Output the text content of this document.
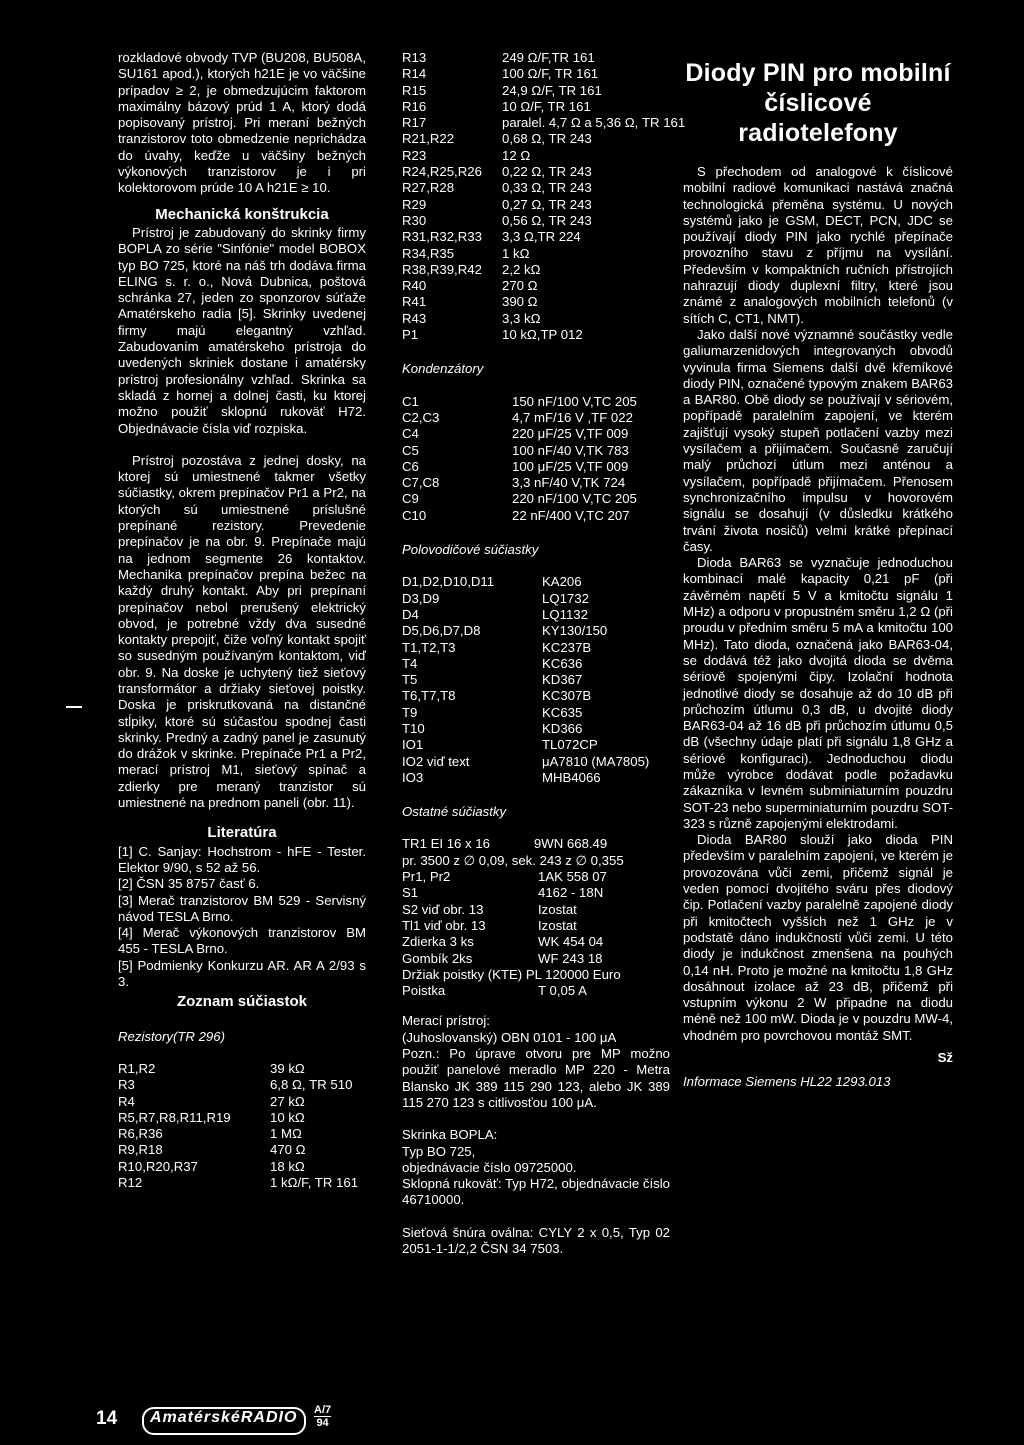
rozkladové obvody TVP (BU208, BU508A, SU161 apod.), ktorých h21E je vo väčšine prípadov ≥ 2, je obmedzujúcim faktorom maximálny bázový prúd 1 A, ktorý dodá popisovaný prístroj. Pri meraní bežných tranzistorov toto obmedzenie neprichádza do úvahy, keďže u väčšiny bežných výkonových tranzistorov je i pri kolektorovom prúde 10 A h21E ≥ 10.
Mechanická konštrukcia
Prístroj je zabudovaný do skrinky firmy BOPLA zo série "Sinfónie" model BOBOX typ BO 725, ktoré na náš trh dodáva firma ELING s. r. o., Nová Dubnica, poštová schránka 27, jeden zo sponzorov súťaže Amatérskeho radia [5]. Skrinky uvedenej firmy majú elegantný vzhľad. Zabudovaním amatérskeho prístroja do uvedených skriniek dostane i amatérsky prístroj profesionálny vzhľad. Skrinka sa skladá z hornej a dolnej časti, ku ktorej možno použiť sklopnú rukoväť H72. Objednávacie čísla viď rozpiska.
Prístroj pozostáva z jednej dosky, na ktorej sú umiestnené takmer všetky súčiastky, okrem prepínačov Pr1 a Pr2, na ktorých sú umiestnené príslušné prepínané rezistory. Prevedenie prepínačov je na obr. 9. Prepínače majú na jednom segmente 26 kontaktov. Mechanika prepínačov prepína bežec na každý druhý kontakt. Aby pri prepínaní prepínačov nebol prerušený elektrický obvod, je potrebné vždy dva susedné kontakty prepojiť, čiže voľný kontakt spojiť so susedným používaným kontaktom, viď obr. 9. Na doske je uchytený tiež sieťový transformátor a držiaky sieťovej poistky. Doska je priskrutkovaná na distančné stĺpiky, ktoré sú súčasťou spodnej časti skrinky. Predný a zadný panel je zasunutý do drážok v skrinke. Prepínače Pr1 a Pr2, merací prístroj M1, sieťový spínač a zdierky pre meraný tranzistor sú umiestnené na prednom paneli (obr. 11).
Literatúra
[1] C. Sanjay: Hochstrom - hFE - Tester. Elektor 9/90, s 52 až 56.
[2] ČSN 35 8757 časť 6.
[3] Merač tranzistorov BM 529 - Servisný návod TESLA Brno.
[4] Merač výkonových tranzistorov BM 455 - TESLA Brno.
[5] Podmienky Konkurzu AR. AR A 2/93 s 3.
Zoznam súčiastok
Rezistory(TR 296)
R1,R2	39 kΩ
R3	6,8 Ω, TR 510
R4	27 kΩ
R5,R7,R8,R11,R19	10 kΩ
R6,R36	1 MΩ
R9,R18	470 Ω
R10,R20,R37	18 kΩ
R12	1 kΩ/F, TR 161
R13	249 Ω/F,TR 161
R14	100 Ω/F, TR 161
R15	24,9 Ω/F, TR 161
R16	10 Ω/F, TR 161
R17	paralel. 4,7 Ω a 5,36 Ω, TR 161
R21,R22	0,68 Ω, TR 243
R23	12 Ω
R24,R25,R26 0,22 Ω, TR 243
R27,R28	0,33 Ω, TR 243
R29	0,27 Ω, TR 243
R30	0,56 Ω, TR 243
R31,R32,R33 3,3 Ω,TR 224
R34,R35	1 kΩ
R38,R39,R42 2,2 kΩ
R40	270 Ω
R41	390 Ω
R43	3,3 kΩ
P1	10 kΩ,TP 012
Kondenzátory
C1	150 nF/100 V,TC 205
C2,C3	4,7 mF/16 V ,TF 022
C4	220 μF/25 V,TF 009
C5	100 nF/40 V,TK 783
C6	100 μF/25 V,TF 009
C7,C8	3,3 nF/40 V,TK 724
C9	220 nF/100 V,TC 205
C10	22 nF/400 V,TC 207
Polovodičové súčiastky
D1,D2,D10,D11	KA206
D3,D9	LQ1732
D4	LQ1132
D5,D6,D7,D8	KY130/150
T1,T2,T3	KC237B
T4	KC636
T5	KD367
T6,T7,T8	KC307B
T9	KC635
T10	KD366
IO1	TL072CP
IO2 viď text	μA7810 (MA7805)
IO3	MHB4066
Ostatné súčiastky
TR1 EI 16 x 16            9WN 668.49
pr. 3500 z ∅ 0,09, sek. 243 z ∅ 0,355
Pr1, Pr2	1AK 558 07
S1	4162 - 18N
S2 viď obr. 13	Izostat
Tl1 viď obr. 13	Izostat
Zdierka 3 ks	WK 454 04
Gombík 2ks	WF 243 18
Držiak poistky (KTE) PL 120000 Euro
Poistka	T 0,05 A
Merací prístroj:
(Juhoslovanský) OBN 0101 - 100 μA
Pozn.: Po úprave otvoru pre MP možno použiť panelové meradlo MP 220 - Metra Blansko JK 389 115 290 123, alebo JK 389 115 270 123 s citlivosťou 100 μA.
Skrinka BOPLA:
Typ BO 725,
objednávacie číslo 09725000.
Sklopná rukoväť: Typ H72, objednávacie číslo 46710000.
Sieťová šnúra oválna: CYLY 2 x 0,5, Typ 02 2051-1-1/2,2 ČSN 34 7503.
Diody PIN pro mobilní číslicové radiotelefony
S přechodem od analogové k číslicové mobilní radiové komunikaci nastává značná technologická přeměna systému. U nových systémů jako je GSM, DECT, PCN, JDC se používají diody PIN jako rychlé přepínače provozního stavu z příjmu na vysílání. Především v kompaktních ručních přístrojích nahrazují diody duplexní filtry, které jsou známé z analogových mobilních telefonů (v sítích C, CT1, NMT).
Jako další nové významné součástky vedle galiumarzenidových integrovaných obvodů vyvinula firma Siemens další dvě křemíkové diody PIN, označené typovým znakem BAR63 a BAR80. Obě diody se používají v sériovém, popřípadě paralelním zapojení, ve kterém zajišťují vysoký stupeň potlačení vazby mezi vysílačem a přijímačem. Současně zaručují malý průchozí útlum mezi anténou a vysílačem, popřípadě přijímačem. Přenosem synchronizačního impulsu v hovorovém signálu se dosahují (v důsledku krátkého trvání života nosičů) velmi krátké přepínací časy.
Dioda BAR63 se vyznačuje jednoduchou kombinací malé kapacity 0,21 pF (při závěrném napětí 5 V a kmitočtu signálu 1 MHz) a odporu v propustném směru 1,2 Ω (při proudu v předním směru 5 mA a kmitočtu 100 MHz). Tato dioda, označená jako BAR63-04, se dodává též jako dvojitá dioda se dvěma sériově spojenými čipy. Izolační hodnota jednotlivé diody se dosahuje až do 10 dB při průchozím útlumu 0,3 dB, u dvojité diody BAR63-04 až 16 dB při průchozím útlumu 0,5 dB (všechny údaje platí při signálu 1,8 GHz a sériové konfiguraci). Jednoduchou diodu může výrobce dodávat podle požadavku zákazníka v levném subminiaturním pouzdru SOT-23 nebo superminiaturním pouzdru SOT-323 s různě zapojenými elektrodami.
Dioda BAR80 slouží jako dioda PIN především v paralelním zapojení, ve kterém je provozována vůči zemi, přičemž signál je veden pomocí dvojitého sváru přes diodový čip. Potlačení vazby paralelně zapojené diody při kmitočtech vyšších než 1 GHz je v podstatě dáno indukčností vůči zemi. U této diody je indukčnost zmenšena na pouhých 0,14 nH. Proto je možné na kmitočtu 1,8 GHz dosáhnout izolace až 23 dB, přičemž při vstupním výkonu 2 W připadne na diodu méně než 100 mW. Dioda je v pouzdru MW-4, vhodném pro povrchovou montáž SMT.
Sž
Informace Siemens HL22 1293.013
14 AmatérskéRADIO A/7
94
